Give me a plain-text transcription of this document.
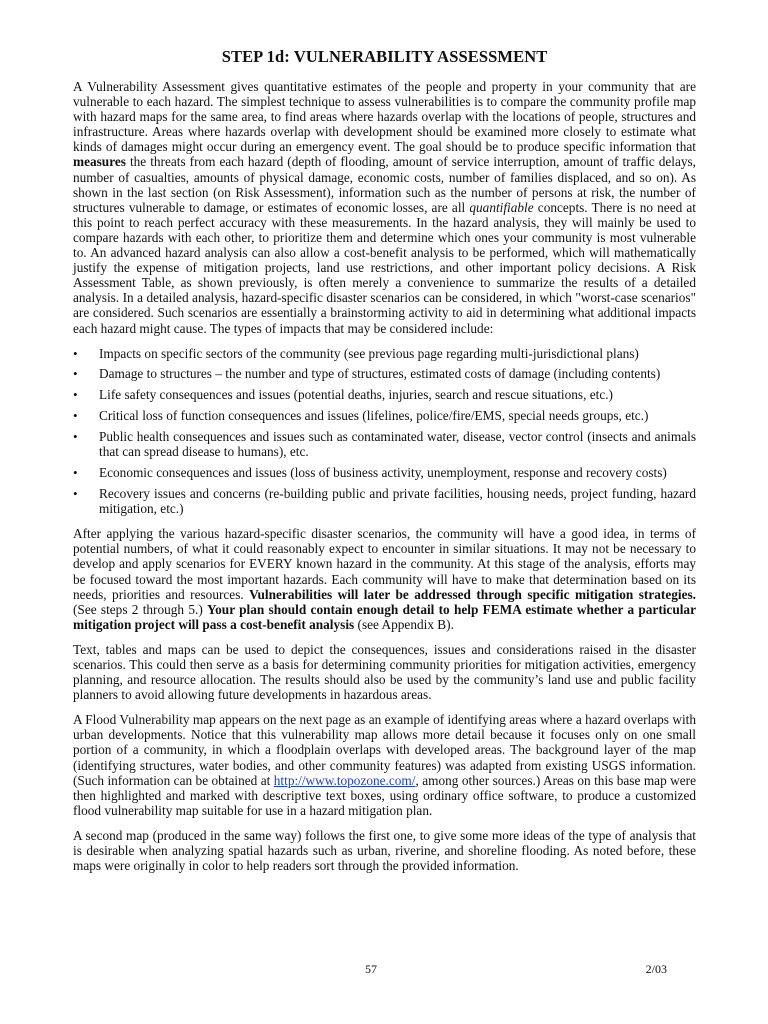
STEP 1d: VULNERABILITY ASSESSMENT

A Vulnerability Assessment gives quantitative estimates of the people and property in your community that are vulnerable to each hazard. The simplest technique to assess vulnerabilities is to compare the community profile map with hazard maps for the same area, to find areas where hazards overlap with the locations of people, structures and infrastructure. Areas where hazards overlap with development should be examined more closely to estimate what kinds of damages might occur during an emergency event. The goal should be to produce specific information that measures the threats from each hazard (depth of flooding, amount of service interruption, amount of traffic delays, number of casualties, amounts of physical damage, economic costs, number of families displaced, and so on). As shown in the last section (on Risk Assessment), information such as the number of persons at risk, the number of structures vulnerable to damage, or estimates of economic losses, are all quantifiable concepts. There is no need at this point to reach perfect accuracy with these measurements. In the hazard analysis, they will mainly be used to compare hazards with each other, to prioritize them and determine which ones your community is most vulnerable to. An advanced hazard analysis can also allow a cost-benefit analysis to be performed, which will mathematically justify the expense of mitigation projects, land use restrictions, and other important policy decisions. A Risk Assessment Table, as shown previously, is often merely a convenience to summarize the results of a detailed analysis. In a detailed analysis, hazard-specific disaster scenarios can be considered, in which "worst-case scenarios" are considered. Such scenarios are essentially a brainstorming activity to aid in determining what additional impacts each hazard might cause. The types of impacts that may be considered include:

• Impacts on specific sectors of the community (see previous page regarding multi-jurisdictional plans)
• Damage to structures – the number and type of structures, estimated costs of damage (including contents)
• Life safety consequences and issues (potential deaths, injuries, search and rescue situations, etc.)
• Critical loss of function consequences and issues (lifelines, police/fire/EMS, special needs groups, etc.)
• Public health consequences and issues such as contaminated water, disease, vector control (insects and animals that can spread disease to humans), etc.
• Economic consequences and issues (loss of business activity, unemployment, response and recovery costs)
• Recovery issues and concerns (re-building public and private facilities, housing needs, project funding, hazard mitigation, etc.)

After applying the various hazard-specific disaster scenarios, the community will have a good idea, in terms of potential numbers, of what it could reasonably expect to encounter in similar situations. It may not be necessary to develop and apply scenarios for EVERY known hazard in the community. At this stage of the analysis, efforts may be focused toward the most important hazards. Each community will have to make that determination based on its needs, priorities and resources. Vulnerabilities will later be addressed through specific mitigation strategies. (See steps 2 through 5.) Your plan should contain enough detail to help FEMA estimate whether a particular mitigation project will pass a cost-benefit analysis (see Appendix B).

Text, tables and maps can be used to depict the consequences, issues and considerations raised in the disaster scenarios. This could then serve as a basis for determining community priorities for mitigation activities, emergency planning, and resource allocation. The results should also be used by the community’s land use and public facility planners to avoid allowing future developments in hazardous areas.

A Flood Vulnerability map appears on the next page as an example of identifying areas where a hazard overlaps with urban developments. Notice that this vulnerability map allows more detail because it focuses only on one small portion of a community, in which a floodplain overlaps with developed areas. The background layer of the map (identifying structures, water bodies, and other community features) was adapted from existing USGS information. (Such information can be obtained at http://www.topozone.com/, among other sources.) Areas on this base map were then highlighted and marked with descriptive text boxes, using ordinary office software, to produce a customized flood vulnerability map suitable for use in a hazard mitigation plan.

A second map (produced in the same way) follows the first one, to give some more ideas of the type of analysis that is desirable when analyzing spatial hazards such as urban, riverine, and shoreline flooding. As noted before, these maps were originally in color to help readers sort through the provided information.

57	2/03
